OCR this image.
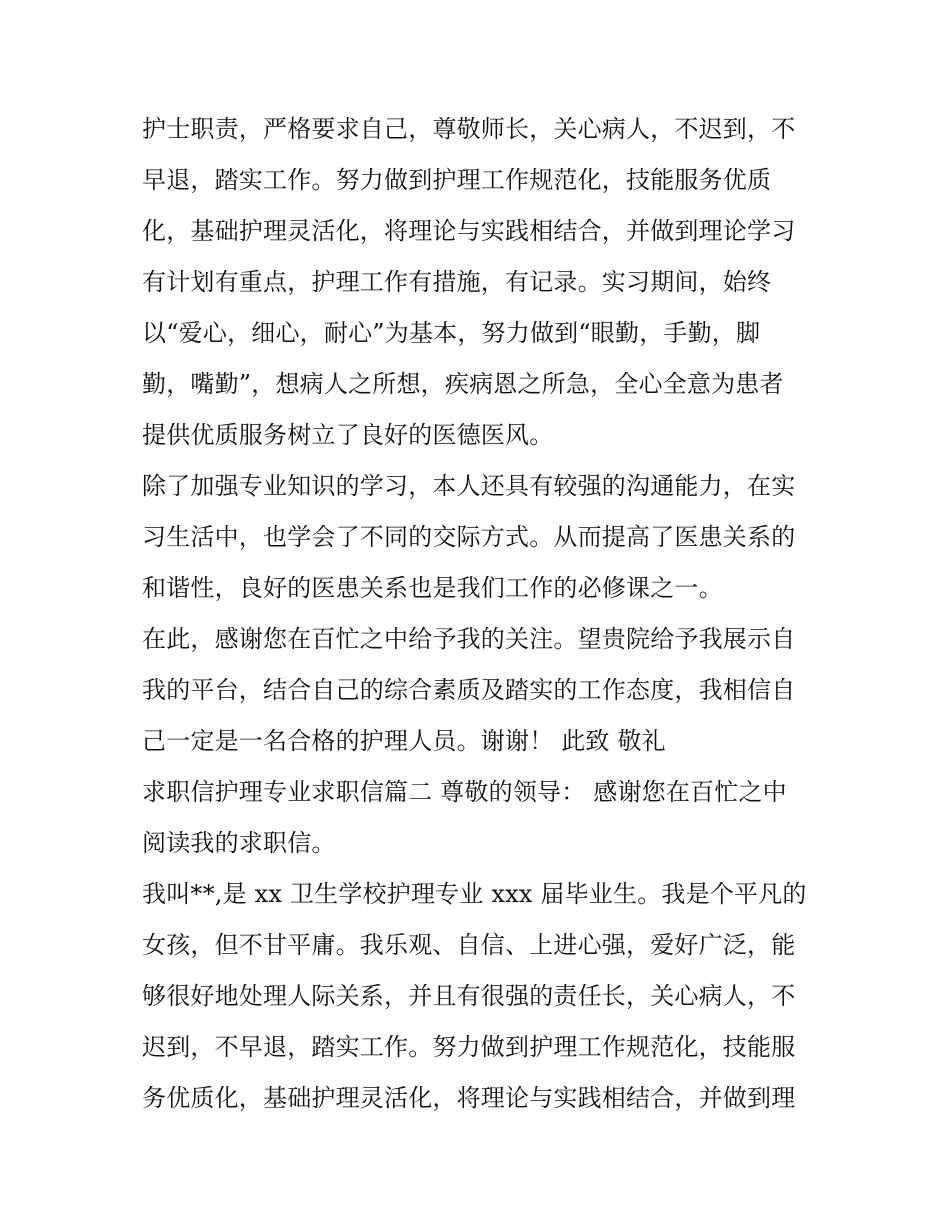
护士职责，严格要求自己，尊敬师长，关心病人，不迟到，不
早退，踏实工作。努力做到护理工作规范化，技能服务优质
化，基础护理灵活化，将理论与实践相结合，并做到理论学习
有计划有重点，护理工作有措施，有记录。实习期间，始终
以“爱心，细心，耐心”为基本，努力做到“眼勤，手勤，脚
勤，嘴勤”，想病人之所想，疾病恩之所急，全心全意为患者
提供优质服务树立了良好的医德医风。
除了加强专业知识的学习，本人还具有较强的沟通能力，在实
习生活中，也学会了不同的交际方式。从而提高了医患关系的
和谐性，良好的医患关系也是我们工作的必修课之一。
在此，感谢您在百忙之中给予我的关注。望贵院给予我展示自
我的平台，结合自己的综合素质及踏实的工作态度，我相信自
己一定是一名合格的护理人员。谢谢！ 此致 敬礼
求职信护理专业求职信篇二 尊敬的领导： 感谢您在百忙之中
阅读我的求职信。
我叫**,是 xx 卫生学校护理专业 xxx 届毕业生。我是个平凡的
女孩，但不甘平庸。我乐观、自信、上进心强，爱好广泛，能
够很好地处理人际关系，并且有很强的责任长，关心病人，不
迟到，不早退，踏实工作。努力做到护理工作规范化，技能服
务优质化，基础护理灵活化，将理论与实践相结合，并做到理
